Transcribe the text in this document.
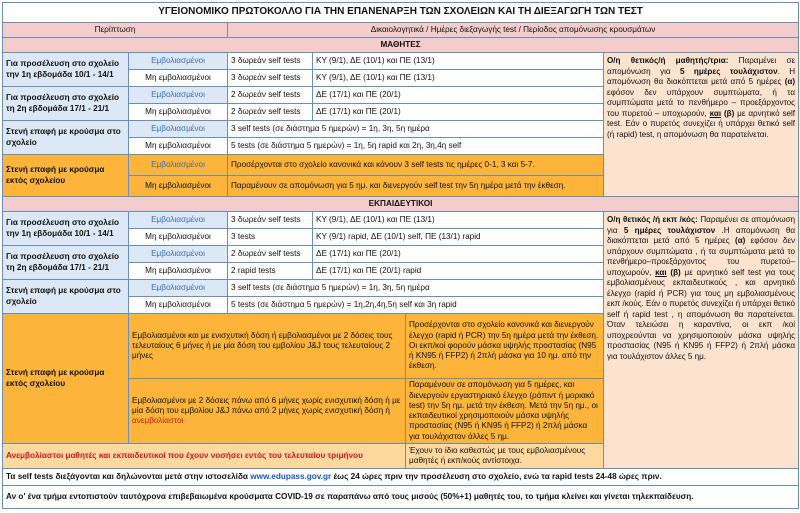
ΥΓΕΙΟΝΟΜΙΚΟ ΠΡΩΤΟΚΟΛΛΟ ΓΙΑ ΤΗΝ ΕΠΑΝΕΝΑΡΞΗ ΤΩΝ ΣΧΟΛΕΙΩΝ ΚΑΙ ΤΗ ΔΙΕΞΑΓΩΓΗ ΤΩΝ ΤΕΣΤ					
Περίπτωση		Δικαιολογητικά / Ημέρες διεξαγωγής test / Περίοδος απομόνωσης κρουσμάτων			
ΜΑΘΗΤΕΣ					
Για προσέλευση στο σχολείο την 1η εβδομάδα 10/1 - 14/1	Εμβολιασμένοι	3 δωρεάν self tests	ΚΥ (9/1), ΔΕ (10/1) και ΠΕ (13/1)		Ο/η θετικός/ή μαθητής/τρια: Παραμένει σε απομόνωση για 5 ημέρες τουλάχιστον. Η απομόνωση θα διακόπτεται μετά από 5 ημέρες (α) εφόσον δεν υπάρχουν συμπτώματα, ή τα συμπτώματα μετά το πενθήμερο – προεξάρχοντος του πυρετού – υποχωρούν, και (β) με αρνητικό self test. Εάν ο πυρετός συνεχίζει ή υπάρχει θετικό self (ή rapid) test, η απομόνωση θα παρατείνεται.
	Μη εμβολιασμένοι	3 δωρεάν self tests	ΚΥ (9/1), ΔΕ (10/1) και ΠΕ (13/1)		
Για προσέλευση στο σχολείο τη 2η εβδομάδα 17/1 - 21/1	Εμβολιασμένοι	2 δωρεάν self tests	ΔΕ (17/1) και ΠΕ (20/1)		
	Μη εμβολιασμένοι	2 δωρεάν self tests	ΔΕ (17/1) και ΠΕ (20/1)		
Στενή επαφή με κρούσμα στο σχολείο	Εμβολιασμένοι	3 self tests (σε διάστημα 5 ημερών) = 1η, 3η, 5η ημέρα			
	Μη εμβολιασμένοι	5 tests (σε διάστημα 5 ημερών) = 1η, 5η rapid και 2η, 3η,4η self			
Στενή επαφή με κρούσμα εκτός σχολείου	Εμβολιασμένοι	Προσέρχονται στο σχολείο κανονικά και κάνουν 3 self tests τις ημέρες 0-1, 3 και 5-7.			
	Μη εμβολιασμένοι	Παραμένουν σε απομόνωση για 5 ημ. και διενεργούν self test την 5η ημέρα μετά την έκθεση.			
ΕΚΠΑΙΔΕΥΤΙΚΟΙ					
Για προσέλευση στο σχολείο την 1η εβδομάδα 10/1 - 14/1	Εμβολιασμένοι	3 δωρεάν self tests	ΚΥ (9/1), ΔΕ (10/1) και ΠΕ (13/1)		Ο/η θετικός /ή εκπ /κός: Παραμένει σε απομόνωση για 5 ημέρες τουλάχιστον .Η απομόνωση θα διακόπτεται μετά από 5 ημέρες (α) εφόσον δεν υπάρχουν συμπτώματα , ή τα συμπτώματα μετά το πενθήμερο–προεξάρχοντος του πυρετού–υποχωρούν, και (β) με αρνητικό self test για τους εμβολιασμένους εκπαιδευτικούς , και αρνητικό έλεγχο (rapid ή PCR) για τους μη εμβολιασμένους εκπ /κούς. Εάν ο πυρετός συνεχίζει ή υπάρχει θετικό self ή rapid test , η απομόνωση θα παρατείνεται. Όταν τελειώσει η καραντίνα, οι εκπ /κοί υποχρεούνται να χρησιμοποιούν μάσκα υψηλής προστασίας (N95 ή KN95 ή FFP2) ή 2πλή μάσκα για τουλάχιστον άλλες 5 ημ.
	Μη εμβολιασμένοι	3 tests	ΚΥ (9/1) rapid, ΔΕ (10/1) self, ΠΕ (13/1) rapid		
Για προσέλευση στο σχολείο τη 2η εβδομάδα 17/1 - 21/1	Εμβολιασμένοι	2 δωρεάν self tests	ΔΕ (17/1) και ΠΕ (20/1)		
	Μη εμβολιασμένοι	2 rapid tests	ΔΕ (17/1) και ΠΕ (20/1) rapid		
Στενή επαφή με κρούσμα στο σχολείο	Εμβολιασμένοι	3 self tests (σε διάστημα 5 ημερών) = 1η, 3η, 5η ημέρα			
	Μη εμβολιασμένοι	5 tests (σε διάστημα 5 ημερών) = 1η,2η,4η,5η self και 3η rapid			
Στενή επαφή με κρούσμα εκτός σχολείου	Εμβολιασμένοι και με ενισχυτική δόση ή εμβολιασμένοι με 2 δόσεις τους τελευταίους 6 μήνες ή με μία δόση του εμβολίου J&J τους τελευταίους 2 μήνες			Προσέρχονται στο σχολείο κανονικά και διενεργούν έλεγχο (rapid ή PCR) την 5η ημέρα μετά την έκθεση. Οι εκπ/κοί φορούν μάσκα υψηλής προστασίας (N95 ή KN95 ή FFP2) ή 2πλή μάσκα για 10 ημ. από την έκθεση.	
	Εμβολιασμένοι με 2 δόσεις πάνω από 6 μήνες χωρίς ενισχυτική δόση ή με μία δόση του εμβολίου J&J πάνω από 2 μήνες χωρίς ενισχυτική δόση ή ανεμβολίαστοι			Παραμένουν σε απομόνωση για 5 ημέρες, και διενεργούν εργαστηριακό έλεγχο (ράπιντ ή μοριακό test) την 5η ημ. μετά την έκθεση. Μετά την 5η ημ., οι εκπαιδευτικοί χρησιμοποιούν μάσκα υψηλής προστασίας (N95 ή KN95 ή FFP2) ή 2πλή μάσκα για τουλάχιστον άλλες 5 ημ.	
Ανεμβολίαστοι μαθητές και εκπαιδευτικοί που έχουν νοσήσει εντός του τελευταίου τριμήνου				Έχουν το ίδιο καθεστώς με τους εμβολιασμένους μαθητές ή εκπ/κούς αντίστοιχα.	
Τα self tests διεξάγονται και δηλώνονται μετά στην ιστοσελίδα www.edupass.gov.gr έως 24 ώρες πριν την προσέλευση στο σχολείο, ενώ τα rapid tests 24-48 ώρες πριν.					
Αν ο' ένα τμήμα εντοπιστούν ταυτόχρονα επιβεβαιωμένα κρούσματα COVID-19 σε παραπάνω από τους μισούς (50%+1) μαθητές του, το τμήμα κλείνει και γίνεται τηλεκπαίδευση.					
